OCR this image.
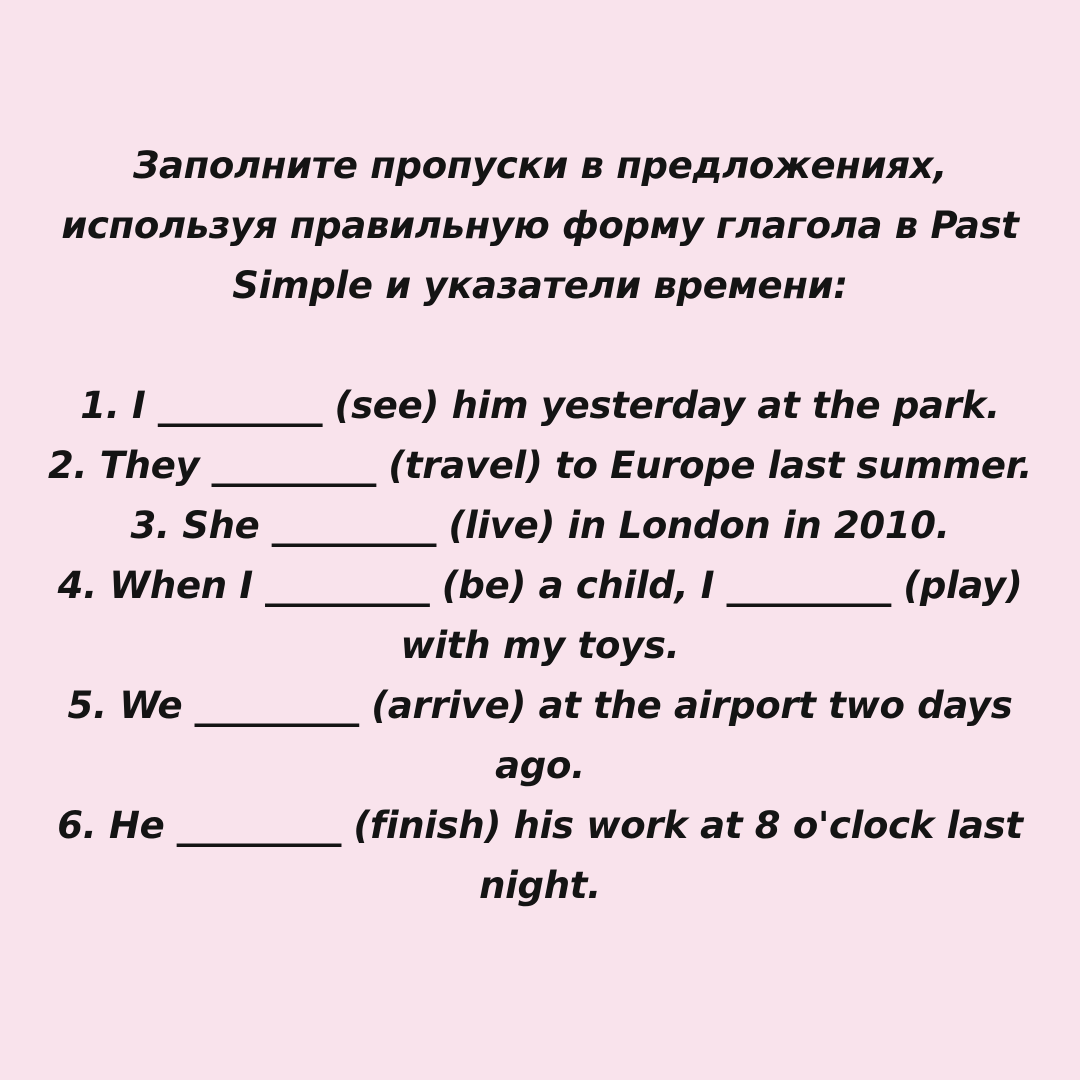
Заполните пропуски в предложениях, используя правильную форму глагола в Past Simple и указатели времени:

1. I _________ (see) him yesterday at the park.
2. They _________ (travel) to Europe last summer.
3. She _________ (live) in London in 2010.
4. When I _________ (be) a child, I _________ (play) with my toys.
5. We _________ (arrive) at the airport two days ago.
6. He _________ (finish) his work at 8 o'clock last night.
